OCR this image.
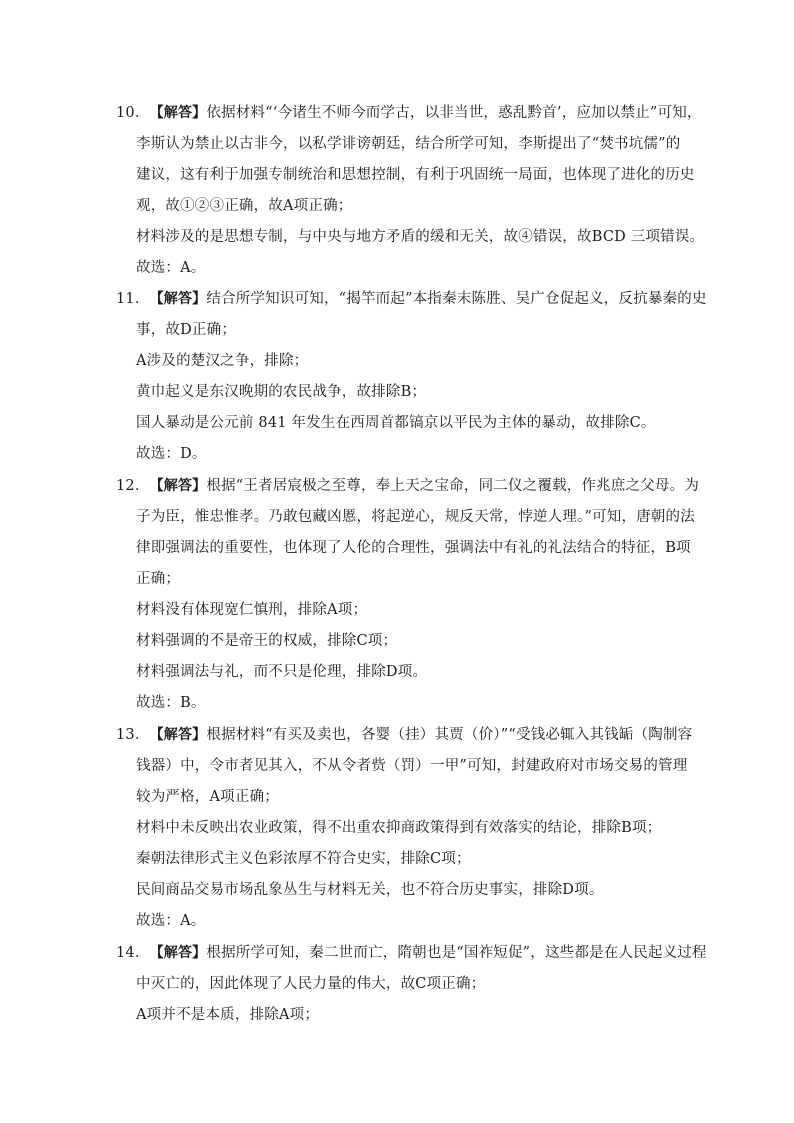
10．【解答】依据材料“‘今诸生不师今而学古，以非当世，惑乱黔首’，应加以禁止”可知，
李斯认为禁止以古非今，以私学诽谤朝廷，结合所学可知，李斯提出了“焚书坑儒”的
建议，这有利于加强专制统治和思想控制，有利于巩固统一局面，也体现了进化的历史
观，故①②③正确，故A项正确；
材料涉及的是思想专制，与中央与地方矛盾的缓和无关，故④错误，故BCD 三项错误。
故选：A。
11．【解答】结合所学知识可知，“揭竿而起”本指秦末陈胜、吴广仓促起义，反抗暴秦的史
事，故D正确；
A涉及的楚汉之争，排除；
黄巾起义是东汉晚期的农民战争，故排除B；
国人暴动是公元前 841 年发生在西周首都镐京以平民为主体的暴动，故排除C。
故选：D。
12．【解答】根据“王者居宸极之至尊，奉上天之宝命，同二仪之覆载，作兆庶之父母。为
子为臣，惟忠惟孝。乃敢包藏凶慝，将起逆心，规反天常，悖逆人理。”可知，唐朝的法
律即强调法的重要性，也体现了人伦的合理性，强调法中有礼的礼法结合的特征，B项
正确；
材料没有体现宽仁慎刑，排除A项；
材料强调的不是帝王的权威，排除C项；
材料强调法与礼，而不只是伦理，排除D项。
故选：B。
13．【解答】根据材料“有买及卖也，各婴（挂）其贾（价）”“受钱必辄入其钱缿（陶制容
钱器）中，令市者见其入，不从令者赀（罚）一甲”可知，封建政府对市场交易的管理
较为严格，A项正确；
材料中未反映出农业政策，得不出重农抑商政策得到有效落实的结论，排除B项；
秦朝法律形式主义色彩浓厚不符合史实，排除C项；
民间商品交易市场乱象丛生与材料无关，也不符合历史事实，排除D项。
故选：A。
14．【解答】根据所学可知，秦二世而亡，隋朝也是“国祚短促”，这些都是在人民起义过程
中灭亡的，因此体现了人民力量的伟大，故C项正确；
A项并不是本质，排除A项；
